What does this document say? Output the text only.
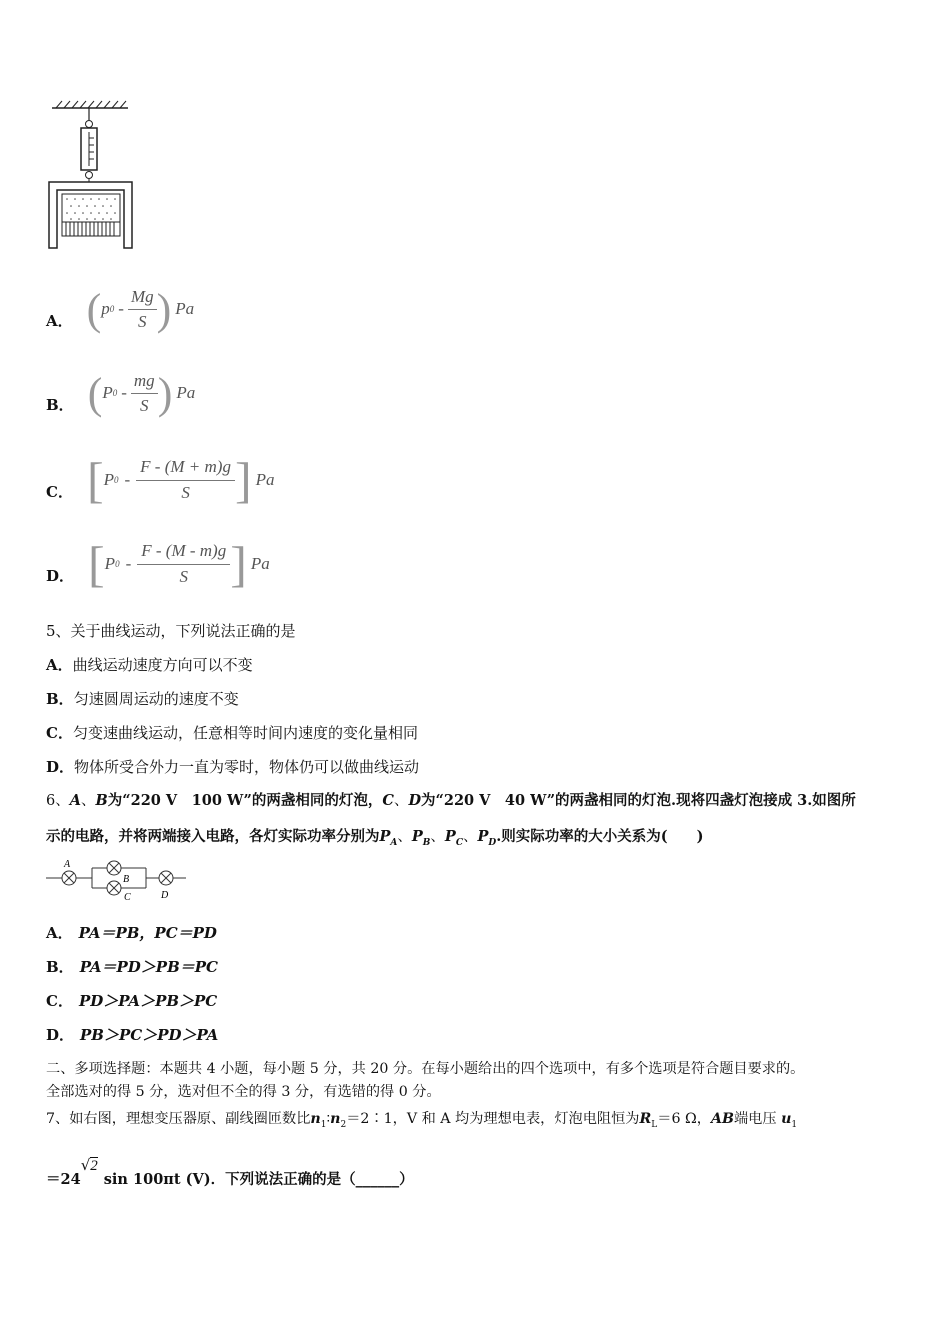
A． ( p $0 - \frac{Mg}{S}$ ) Pa
B． ( P $0 - \frac{mg}{S}$ ) Pa
C． [ P $0 - \frac{F - (M + m)g}{S}$ ] Pa
D． [ P $0 - \frac{F - (M - m)g}{S}$ ] Pa
5、关于曲线运动，下列说法正确的是
A．曲线运动速度方向可以不变
B．匀速圆周运动的速度不变
C．匀变速曲线运动，任意相等时间内速度的变化量相同
D．物体所受合外力一直为零时，物体仍可以做曲线运动
6、A、B为“220 V　100 W”的两盏相同的灯泡，C、D为“220 V　40 W”的两盏相同的灯泡.现将四盏灯泡接成 3.如图所
示的电路，并将两端接入电路，各灯实际功率分别为$P_A$、$P_B$、$P_C$、$P_D$.则实际功率的大小关系为(　　)
A
B
C	D
A． PA＝PB，PC＝PD
B． PA＝PD＞PB＝PC
C． PD＞PA＞PB＞PC
D． PB＞PC＞PD＞PA
二、多项选择题：本题共 4 小题，每小题 5 分，共 20 分。在每小题给出的四个选项中，有多个选项是符合题目要求的。
全部选对的得 5 分，选对但不全的得 3 分，有选错的得 0 分。
7、如右图，理想变压器原、副线圈匝数比$n_1∶n_2=2∶1$，V 和 A 均为理想电表，灯泡电阻恒为$R_L=6$ Ω，AB端电压 $u_1$
＝24√2sin 100πt (V)．下列说法正确的是（______）
